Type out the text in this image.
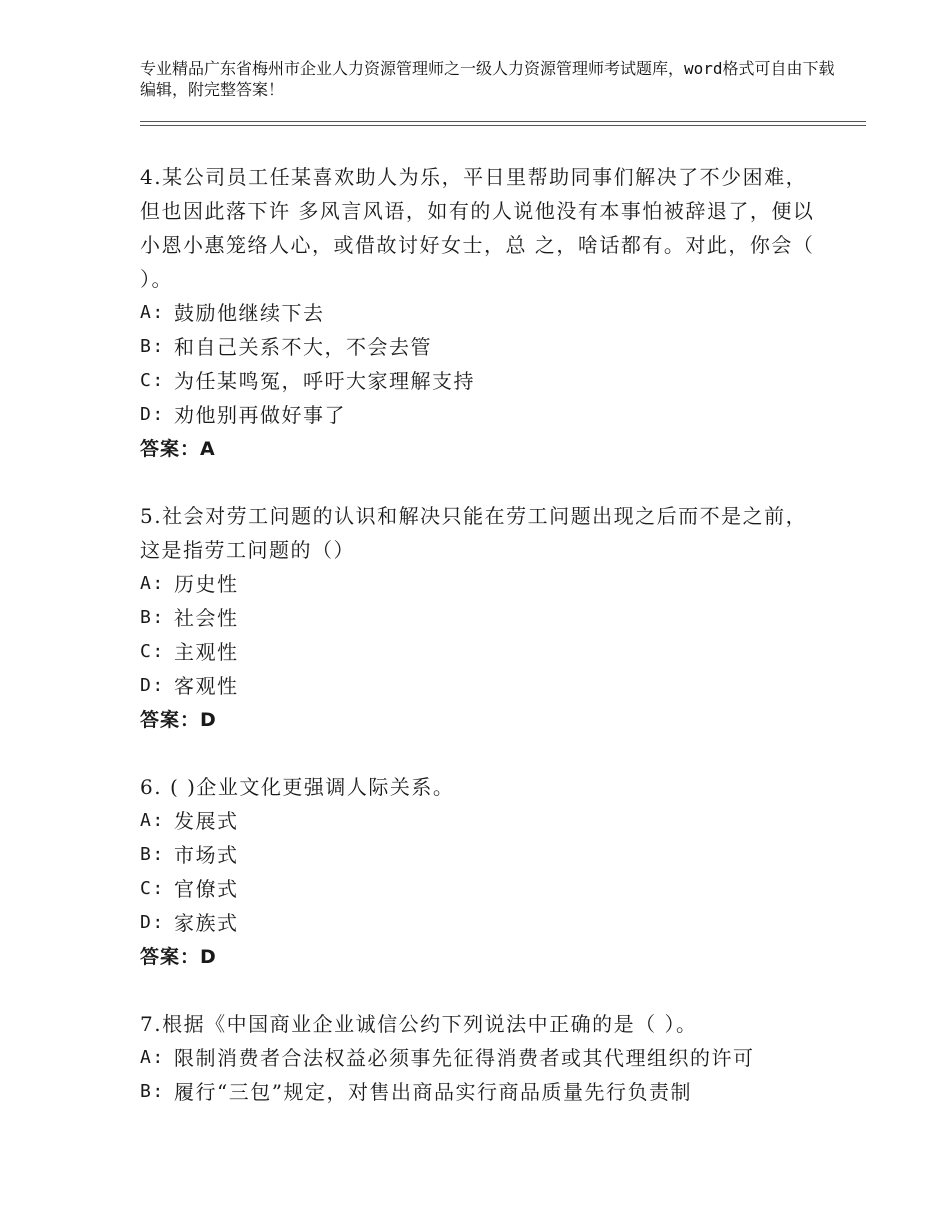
专业精品广东省梅州市企业人力资源管理师之一级人力资源管理师考试题库，word格式可自由下载编辑，附完整答案！

4.某公司员工任某喜欢助人为乐，平日里帮助同事们解决了不少困难，但也因此落下许 多风言风语，如有的人说他没有本事怕被辞退了，便以小恩小惠笼络人心，或借故讨好女士，总 之，啥话都有。对此，你会（ ）。

A: 鼓励他继续下去
B: 和自己关系不大，不会去管
C: 为任某鸣冤，呼吁大家理解支持
D: 劝他别再做好事了

答案：A

5.社会对劳工问题的认识和解决只能在劳工问题出现之后而不是之前，这是指劳工问题的（）

A: 历史性
B: 社会性
C: 主观性
D: 客观性

答案：D

6. ( )企业文化更强调人际关系。

A: 发展式
B: 市场式
C: 官僚式
D: 家族式

答案：D

7.根据《中国商业企业诚信公约下列说法中正确的是（ ）。

A: 限制消费者合法权益必须事先征得消费者或其代理组织的许可
B: 履行“三包”规定，对售出商品实行商品质量先行负责制
